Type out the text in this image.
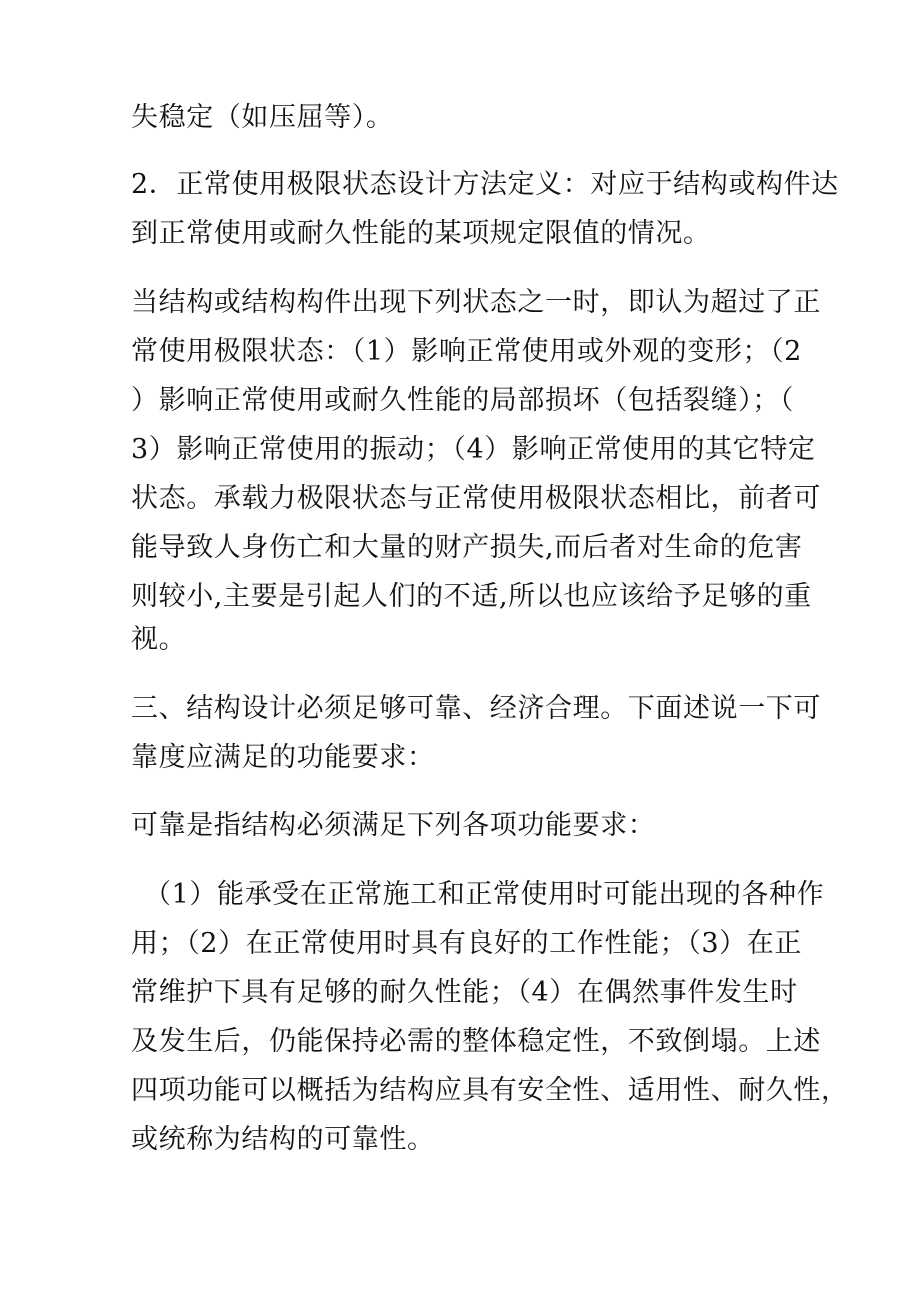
失稳定（如压屈等）。
2．正常使用极限状态设计方法定义：对应于结构或构件达
到正常使用或耐久性能的某项规定限值的情况。
当结构或结构构件出现下列状态之一时，即认为超过了正
常使用极限状态：（1）影响正常使用或外观的变形；（2
）影响正常使用或耐久性能的局部损坏（包括裂缝）；（
3）影响正常使用的振动；（4）影响正常使用的其它特定
状态。承载力极限状态与正常使用极限状态相比，前者可
能导致人身伤亡和大量的财产损失,而后者对生命的危害
则较小,主要是引起人们的不适,所以也应该给予足够的重
视。
三、结构设计必须足够可靠、经济合理。下面述说一下可
靠度应满足的功能要求：
可靠是指结构必须满足下列各项功能要求：
（1）能承受在正常施工和正常使用时可能出现的各种作
用；（2）在正常使用时具有良好的工作性能；（3）在正
常维护下具有足够的耐久性能；（4）在偶然事件发生时
及发生后，仍能保持必需的整体稳定性，不致倒塌。上述
四项功能可以概括为结构应具有安全性、适用性、耐久性，
或统称为结构的可靠性。
